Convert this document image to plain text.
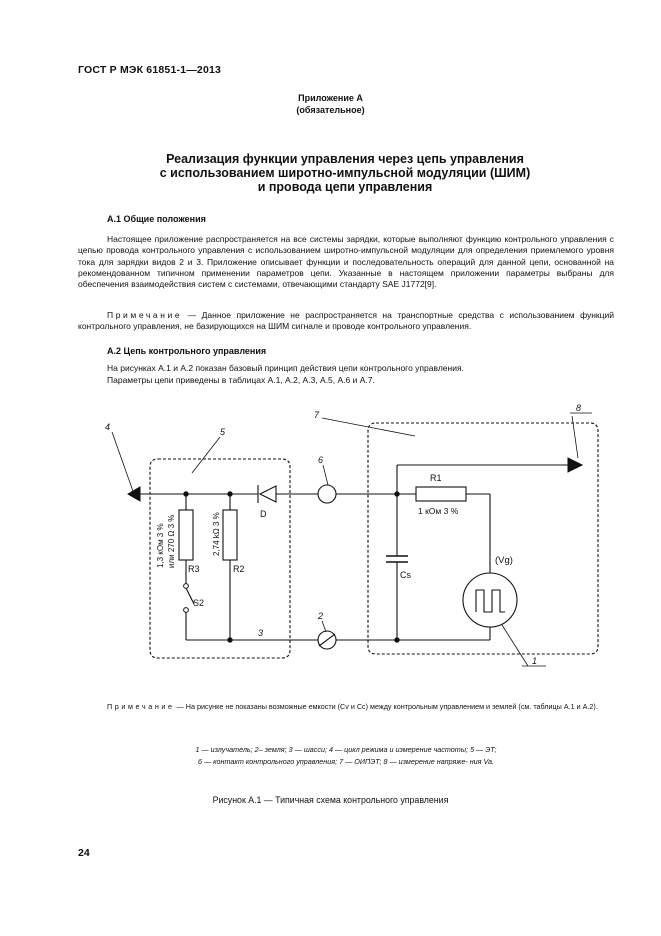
ГОСТ Р МЭК 61851-1—2013
Приложение А
(обязательное)
Реализация функции управления через цепь управления
с использованием широтно-импульсной модуляции (ШИМ)
и провода цепи управления
А.1 Общие положения
Настоящее приложение распространяется на все системы зарядки, которые выполняют функцию контрольного управления с цепью провода контрольного управления с использованием широтно-импульсной модуляции для определения приемлемого уровня тока для зарядки видов 2 и 3. Приложение описывает функции и последовательность операций для данной цепи, основанной на рекомендованном типичном применении параметров цепи. Указанные в настоящем приложении параметры выбраны для обеспечения взаимодействия систем с системами, отвечающими стандарту SAE J1772[9].
Примечание — Данное приложение не распространяется на транспортные средства с использованием функций контрольного управления, не базирующихся на ШИМ сигнале и проводе контрольного управления.
А.2 Цепь контрольного управления
На рисунках А.1 и А.2 показан базовый принцип действия цепи контрольного управления.
Параметры цепи приведены в таблицах А.1, А.2, А.3, А.5, А.6 и А.7.
4	5
6
7
8
2
3
1
R1
1 кОм 3 %
R3	R2
S2
D
Cs
(Vg)
1,3 кОм 3 % или 270 Ω 3 %	2,74 kΩ 3 %
Примечание — На рисунке не показаны возможные емкости (Cv и Cc) между контрольным управлением и землей (см. таблицы А.1 и А.2).
1 — излучатель; 2– земля; 3 — шасси; 4 — цикл режима и измерение частоты; 5 — ЭТ;
6 — контакт контрольного управления; 7 — ОИПЭТ; 8 — измерение напряже- ния Va.
Рисунок А.1 — Типичная схема контрольного управления
24
